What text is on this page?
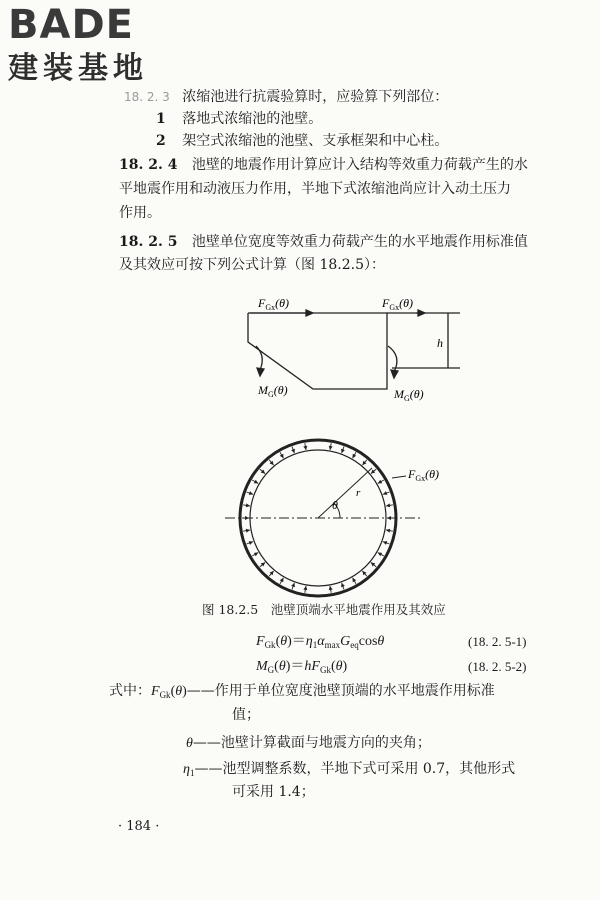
BADE
建装基地
18. 2. 3 浓缩池进行抗震验算时，应验算下列部位：
1 落地式浓缩池的池壁。
2 架空式浓缩池的池壁、支承框架和中心柱。
18. 2. 4 池壁的地震作用计算应计入结构等效重力荷载产生的水
平地震作用和动液压力作用，半地下式浓缩池尚应计入动土压力
作用。
18. 2. 5 池壁单位宽度等效重力荷载产生的水平地震作用标准值
及其效应可按下列公式计算（图 18.2.5）：
$F_{Gx}(\theta)$	$F_{Gx}(\theta)$
h
$M_G(\theta)$	$M_G(\theta)$
θ
r
$F_{Gx}(\theta)$
图 18.2.5　池壁顶端水平地震作用及其效应
$F_{Gk}(\theta)=\eta_1\alpha_{max}G_{eq}\cos\theta$	(18. 2. 5-1)
$M_G(\theta)=hF_{Gk}(\theta)$	(18. 2. 5-2)
式中：$F_{Gk}(\theta)——$作用于单位宽度池壁顶端的水平地震作用标准
值；
θ——池壁计算截面与地震方向的夹角；
$\eta_1——$池型调整系数，半地下式可采用 0.7，其他形式
可采用 1.4；
· 184 ·
